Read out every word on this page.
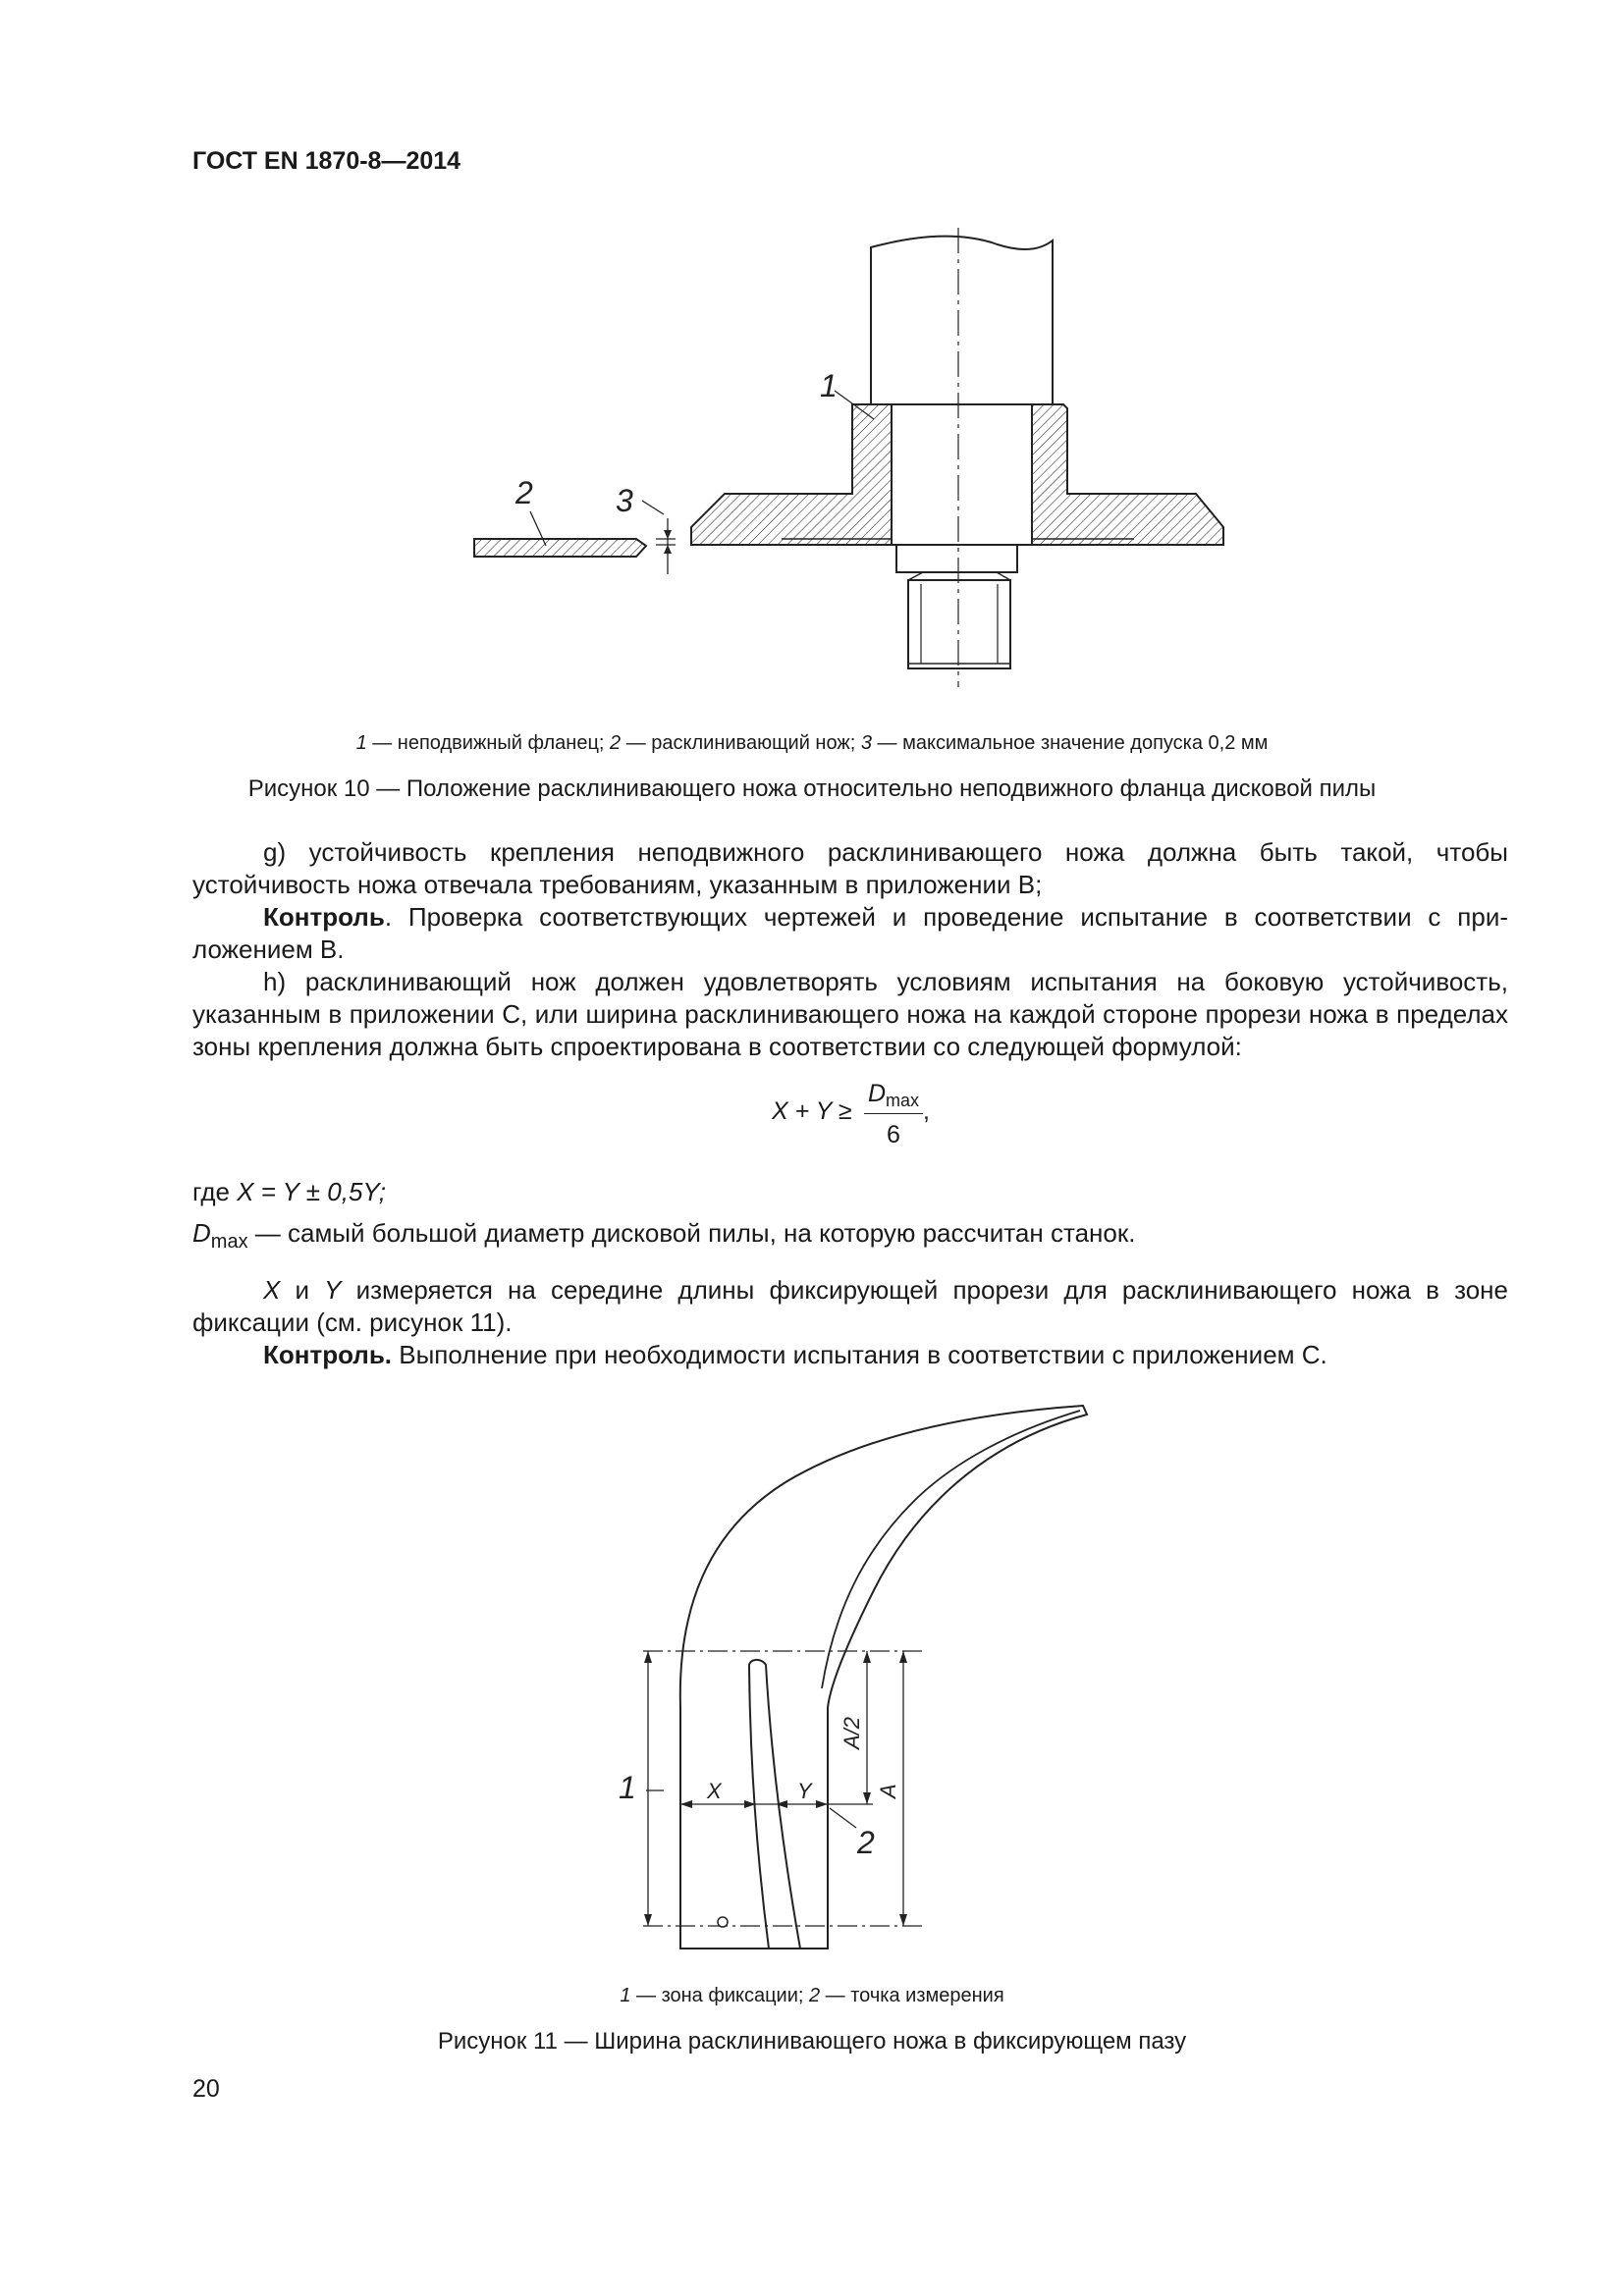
ГОСТ EN 1870-8—2014
1
2	3
1 — неподвижный фланец; 2 — расклинивающий нож; 3 — максимальное значение допуска 0,2 мм
Рисунок 10 — Положение расклинивающего ножа относительно неподвижного фланца дисковой пилы
g) устойчивость крепления неподвижного расклинивающего ножа должна быть такой, чтобы
устойчивость ножа отвечала требованиям, указанным в приложении В;
Контроль. Проверка соответствующих чертежей и проведение испытание в соответствии с при-
ложением В.
h) расклинивающий нож должен удовлетворять условиям испытания на боковую устойчивость, указанным в приложении С, или ширина расклинивающего ножа на каждой стороне прорези ножа в пределах зоны крепления должна быть спроектирована в соответствии со следующей формулой:
X + Y ≥
$D_{max}$
6
,
где X = Y ± 0,5Y;
$D_{max}$ — самый большой диаметр дисковой пилы, на которую рассчитан станок.
X и Y измеряется на середине длины фиксирующей прорези для расклинивающего ножа в зоне фиксации (см. рисунок 11).
Контроль. Выполнение при необходимости испытания в соответствии с приложением С.
1
2
X	Y
A/2
A
1 — зона фиксации; 2 — точка измерения
Рисунок 11 — Ширина расклинивающего ножа в фиксирующем пазу
20
